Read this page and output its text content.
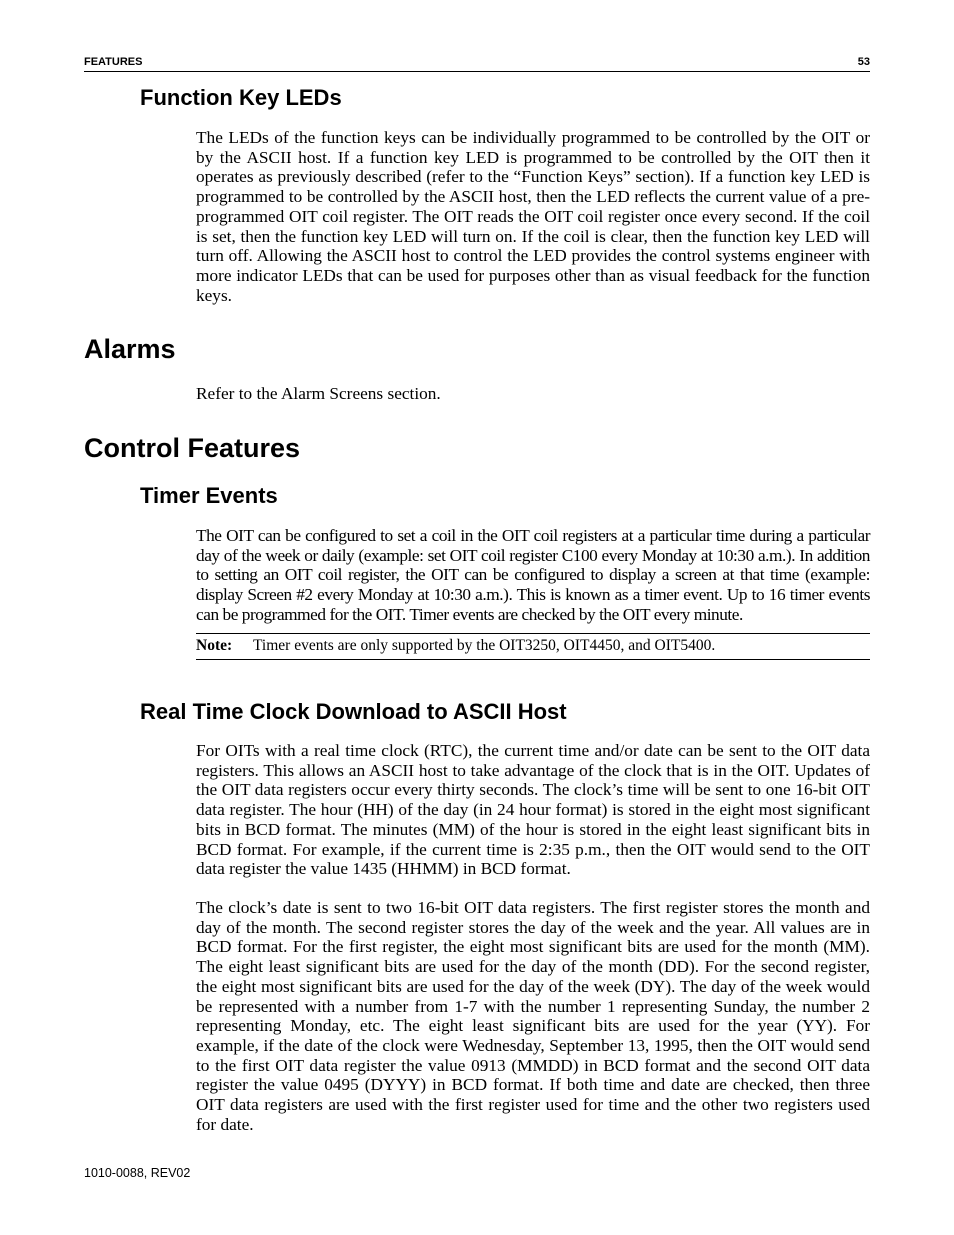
FEATURES	53
Function Key LEDs

The LEDs of the function keys can be individually programmed to be controlled by the OIT or by the ASCII host. If a function key LED is programmed to be controlled by the OIT then it operates as previously described (refer to the “Function Keys” section). If a function key LED is programmed to be controlled by the ASCII host, then the LED reflects the current value of a pre-programmed OIT coil register. The OIT reads the OIT coil register once every second. If the coil is set, then the function key LED will turn on. If the coil is clear, then the function key LED will turn off. Allowing the ASCII host to control the LED provides the control systems engineer with more indicator LEDs that can be used for purposes other than as visual feedback for the function keys.

Alarms

Refer to the Alarm Screens section.

Control Features
Timer Events

The OIT can be configured to set a coil in the OIT coil registers at a particular time during a particular day of the week or daily (example: set OIT coil register C100 every Monday at 10:30 a.m.). In addition to setting an OIT coil register, the OIT can be configured to display a screen at that time (example: display Screen #2 every Monday at 10:30 a.m.). This is known as a timer event. Up to 16 timer events can be programmed for the OIT. Timer events are checked by the OIT every minute.

Note: Timer events are only supported by the OIT3250, OIT4450, and OIT5400.
Real Time Clock Download to ASCII Host

For OITs with a real time clock (RTC), the current time and/or date can be sent to the OIT data registers. This allows an ASCII host to take advantage of the clock that is in the OIT. Updates of the OIT data registers occur every thirty seconds. The clock’s time will be sent to one 16-bit OIT data register. The hour (HH) of the day (in 24 hour format) is stored in the eight most significant bits in BCD format. The minutes (MM) of the hour is stored in the eight least significant bits in BCD format. For example, if the current time is 2:35 p.m., then the OIT would send to the OIT data register the value 1435 (HHMM) in BCD format.

The clock’s date is sent to two 16-bit OIT data registers. The first register stores the month and day of the month. The second register stores the day of the week and the year. All values are in BCD format. For the first register, the eight most significant bits are used for the month (MM). The eight least significant bits are used for the day of the month (DD). For the second register, the eight most significant bits are used for the day of the week (DY). The day of the week would be represented with a number from 1-7 with the number 1 representing Sunday, the number 2 representing Monday, etc. The eight least significant bits are used for the year (YY). For example, if the date of the clock were Wednesday, September 13, 1995, then the OIT would send to the first OIT data register the value 0913 (MMDD) in BCD format and the second OIT data register the value 0495 (DYYY) in BCD format. If both time and date are checked, then three OIT data registers are used with the first register used for time and the other two registers used for date.

1010-0088, REV02
